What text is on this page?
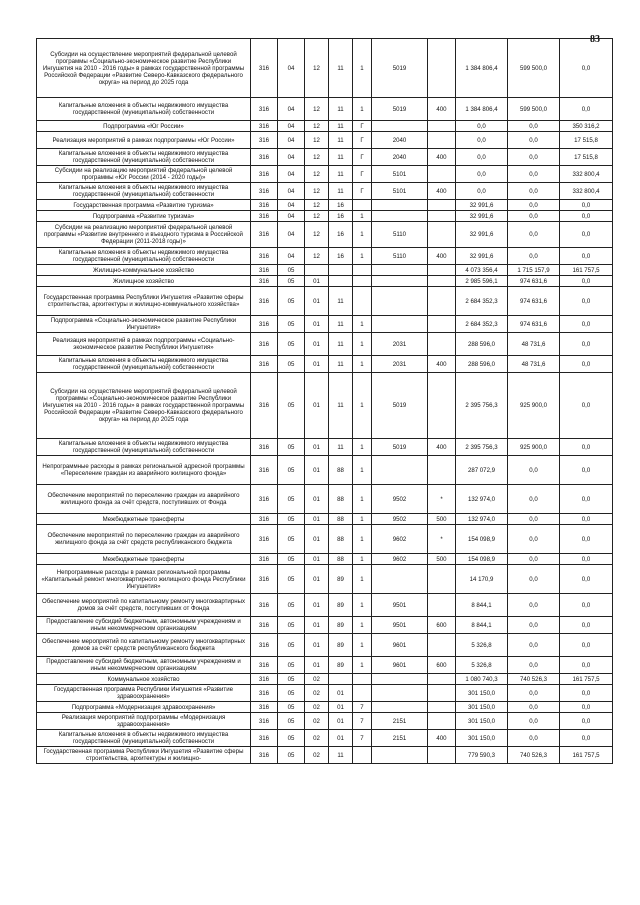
83
Субсидии на осуществление мероприятий федеральной целевой программы «Социально-экономическое развитие Республики Ингушетия на 2010 - 2016 годы» в рамках государственной программы Российской Федерации «Развитие Северо-Кавказского федерального округа» на период до 2025 года	316	04	12	11	1	5019		1 384 806,4	599 500,0	0,0
Капитальные вложения в объекты недвижимого имущества государственной (муниципальной) собственности	316	04	12	11	1	5019	400	1 384 806,4	599 500,0	0,0
Подпрограмма «Юг России»	316	04	12	11	Г			0,0	0,0	350 316,2
Реализация мероприятий в рамках подпрограммы «Юг России»	316	04	12	11	Г	2040		0,0	0,0	17 515,8
Капитальные вложения в объекты недвижимого имущества государственной (муниципальной) собственности	316	04	12	11	Г	2040	400	0,0	0,0	17 515,8
Субсидии на реализацию мероприятий федеральной целевой программы «Юг России (2014 - 2020 годы)»	316	04	12	11	Г	5101		0,0	0,0	332 800,4
Капитальные вложения в объекты недвижимого имущества государственной (муниципальной) собственности	316	04	12	11	Г	5101	400	0,0	0,0	332 800,4
Государственная программа «Развитие туризма»	316	04	12	16				32 991,6	0,0	0,0
Подпрограмма «Развитие туризма»	316	04	12	16	1			32 991,6	0,0	0,0
Субсидии на реализацию мероприятий федеральной целевой программы «Развитие внутреннего и въездного туризма в Российской Федерации (2011-2018 годы)»	316	04	12	16	1	5110		32 991,6	0,0	0,0
Капитальные вложения в объекты недвижимого имущества государственной (муниципальной) собственности	316	04	12	16	1	5110	400	32 991,6	0,0	0,0
Жилищно-коммунальное хозяйство	316	05						4 073 356,4	1 715 157,9	161 757,5
Жилищное хозяйство	316	05	01					2 985 596,1	974 631,6	0,0
Государственная программа Республики Ингушетия «Развитие сферы строительства, архитектуры и жилищно-коммунального хозяйства»	316	05	01	11				2 684 352,3	974 631,6	0,0
Подпрограмма «Социально-экономическое развитие Республики Ингушетия»	316	05	01	11	1			2 684 352,3	974 631,6	0,0
Реализация мероприятий в рамках подпрограммы «Социально-экономическое развитие Республики Ингушетия»	316	05	01	11	1	2031		288 596,0	48 731,6	0,0
Капитальные вложения в объекты недвижимого имущества государственной (муниципальной) собственности	316	05	01	11	1	2031	400	288 596,0	48 731,6	0,0
Субсидии на осуществление мероприятий федеральной целевой программы «Социально-экономическое развитие Республики Ингушетия на 2010 - 2016 годы» в рамках государственной программы Российской Федерации «Развитие Северо-Кавказского федерального округа» на период до 2025 года	316	05	01	11	1	5019		2 395 756,3	925 900,0	0,0
Капитальные вложения в объекты недвижимого имущества государственной (муниципальной) собственности	316	05	01	11	1	5019	400	2 395 756,3	925 900,0	0,0
Непрограммные расходы в рамках региональной адресной программы «Переселение граждан из аварийного жилищного фонда»	316	05	01	88	1			287 072,9	0,0	0,0
Обеспечение мероприятий по переселению граждан из аварийного жилищного фонда за счёт средств, поступивших от Фонда	316	05	01	88	1	9502	*	132 974,0	0,0	0,0
Межбюджетные трансферты	316	05	01	88	1	9502	500	132 974,0	0,0	0,0
Обеспечение мероприятий по переселению граждан из аварийного жилищного фонда за счёт средств республиканского бюджета	316	05	01	88	1	9602	*	154 098,9	0,0	0,0
Межбюджетные трансферты	316	05	01	88	1	9602	500	154 098,9	0,0	0,0
Непрограммные расходы в рамках региональной программы «Капитальный ремонт многоквартирного жилищного фонда Республики Ингушетия»	316	05	01	89	1			14 170,9	0,0	0,0
Обеспечение мероприятий по капитальному ремонту многоквартирных домов за счёт средств, поступивших от Фонда	316	05	01	89	1	9501		8 844,1	0,0	0,0
Предоставление субсидий бюджетным, автономным учреждениям и иным некоммерческим организациям	316	05	01	89	1	9501	600	8 844,1	0,0	0,0
Обеспечение мероприятий по капитальному ремонту многоквартирных домов за счёт средств республиканского бюджета	316	05	01	89	1	9601		5 326,8	0,0	0,0
Предоставление субсидий бюджетным, автономным учреждениям и иным некоммерческим организациям	316	05	01	89	1	9601	600	5 326,8	0,0	0,0
Коммунальное хозяйство	316	05	02					1 080 740,3	740 526,3	161 757,5
Государственная программа Республики Ингушетия «Развитие здравоохранения»	316	05	02	01				301 150,0	0,0	0,0
Подпрограмма «Модернизация здравоохранения»	316	05	02	01	7			301 150,0	0,0	0,0
Реализация мероприятий подпрограммы «Модернизация здравоохранения»	316	05	02	01	7	2151		301 150,0	0,0	0,0
Капитальные вложения в объекты недвижимого имущества государственной (муниципальной) собственности	316	05	02	01	7	2151	400	301 150,0	0,0	0,0
Государственная программа Республики Ингушетия «Развитие сферы строительства, архитектуры и жилищно-	316	05	02	11				779 590,3	740 526,3	161 757,5
